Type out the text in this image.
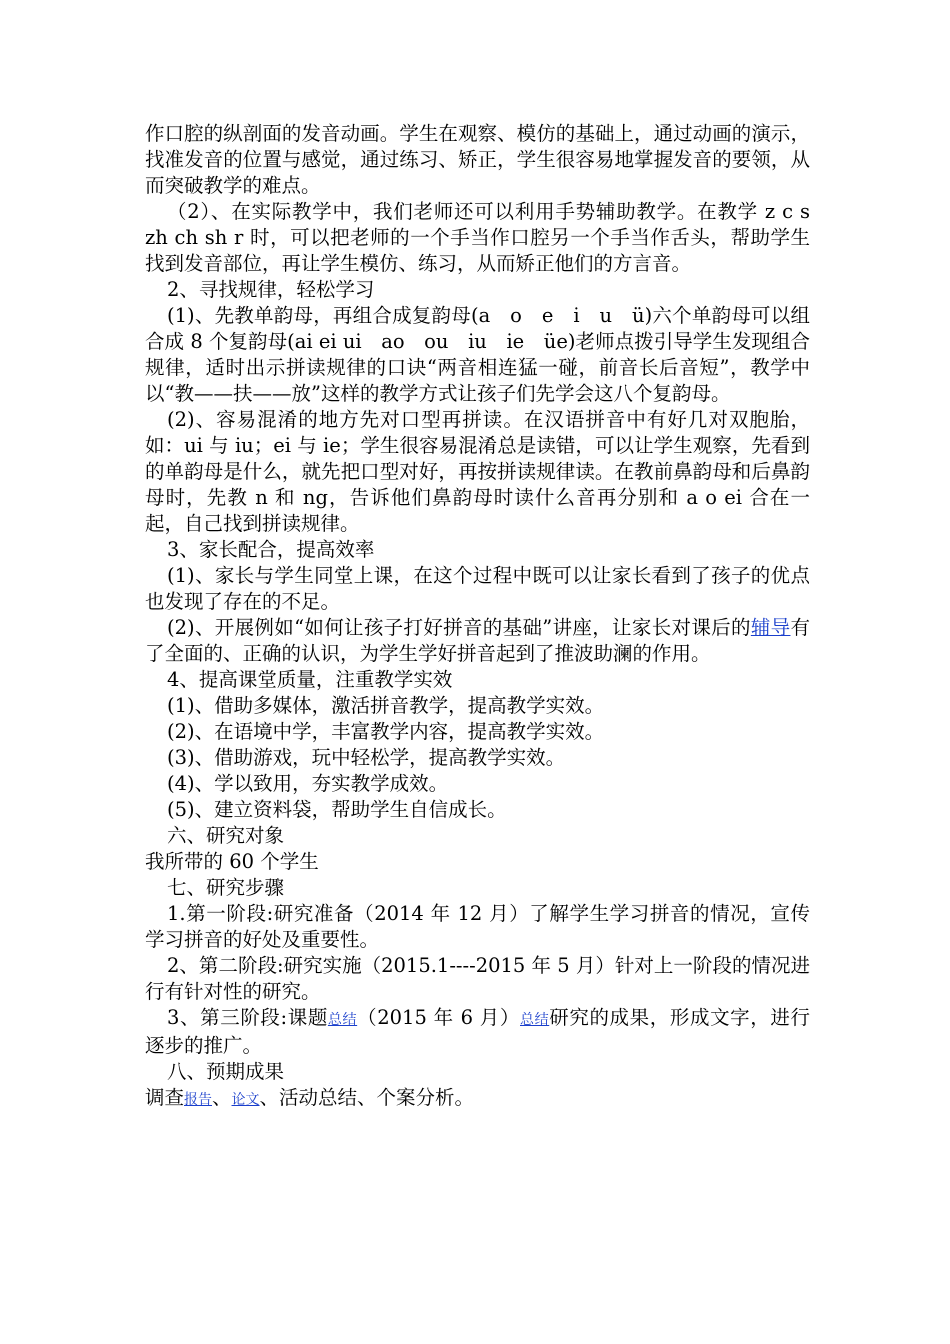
作口腔的纵剖面的发音动画。学生在观察、模仿的基础上，通过动画的演示，找准发音的位置与感觉，通过练习、矫正，学生很容易地掌握发音的要领，从而突破教学的难点。

（2）、在实际教学中，我们老师还可以利用手势辅助教学。在教学 z c s zh ch sh r 时，可以把老师的一个手当作口腔另一个手当作舌头，帮助学生找到发音部位，再让学生模仿、练习，从而矫正他们的方言音。

2、寻找规律，轻松学习

(1)、先教单韵母，再组合成复韵母(a　o　e　i　u　ü)六个单韵母可以组合成 8 个复韵母(ai ei ui　ao　ou　iu　ie　üe)老师点拨引导学生发现组合规律，适时出示拼读规律的口诀“两音相连猛一碰，前音长后音短”，教学中以“教——扶——放”这样的教学方式让孩子们先学会这八个复韵母。

(2)、容易混淆的地方先对口型再拼读。在汉语拼音中有好几对双胞胎，如：ui 与 iu；ei 与 ie；学生很容易混淆总是读错，可以让学生观察，先看到的单韵母是什么，就先把口型对好，再按拼读规律读。在教前鼻韵母和后鼻韵母时，先教 n 和 ng，告诉他们鼻韵母时读什么音再分别和 a o ei 合在一起，自己找到拼读规律。

3、家长配合，提高效率

(1)、家长与学生同堂上课，在这个过程中既可以让家长看到了孩子的优点也发现了存在的不足。

(2)、开展例如“如何让孩子打好拼音的基础”讲座，让家长对课后的辅导有了全面的、正确的认识，为学生学好拼音起到了推波助澜的作用。

4、提高课堂质量，注重教学实效

(1)、借助多媒体，激活拼音教学，提高教学实效。

(2)、在语境中学，丰富教学内容，提高教学实效。

(3)、借助游戏，玩中轻松学，提高教学实效。

(4)、学以致用，夯实教学成效。

(5)、建立资料袋，帮助学生自信成长。

六、研究对象

我所带的 60 个学生

七、研究步骤

1.第一阶段:研究准备（2014 年 12 月）了解学生学习拼音的情况，宣传学习拼音的好处及重要性。

2、第二阶段:研究实施（2015.1----2015 年 5 月）针对上一阶段的情况进行有针对性的研究。

3、第三阶段:课题总结（2015 年 6 月）总结研究的成果，形成文字，进行逐步的推广。

八、预期成果

调查报告、论文、活动总结、个案分析。
